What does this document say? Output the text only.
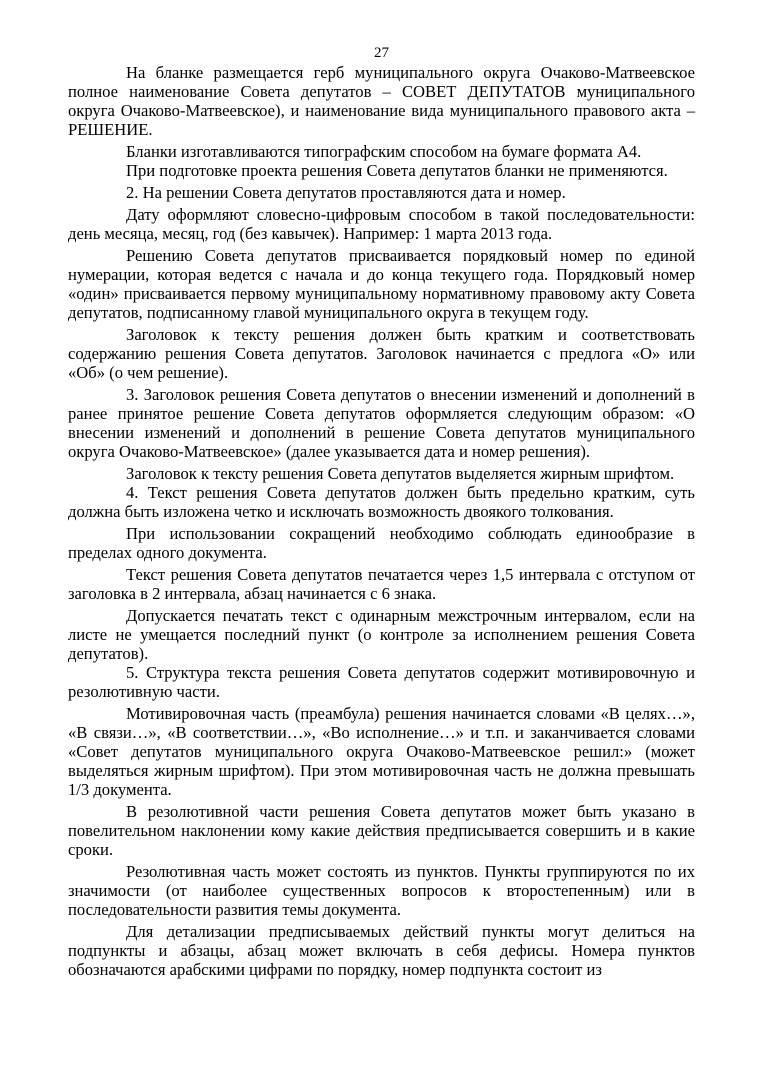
27

На бланке размещается герб муниципального округа Очаково-Матвеевское полное наименование Совета депутатов – СОВЕТ ДЕПУТАТОВ муниципального округа Очаково-Матвеевское), и наименование вида муниципального правового акта – РЕШЕНИЕ.

Бланки изготавливаются типографским способом на бумаге формата А4.

При подготовке проекта решения Совета депутатов бланки не применяются.

2. На решении Совета депутатов проставляются дата и номер.

Дату оформляют словесно-цифровым способом в такой последовательности: день месяца, месяц, год (без кавычек). Например: 1 марта 2013 года.

Решению Совета депутатов присваивается порядковый номер по единой нумерации, которая ведется с начала и до конца текущего года. Порядковый номер «один» присваивается первому муниципальному нормативному правовому акту Совета депутатов, подписанному главой муниципального округа в текущем году.

Заголовок к тексту решения должен быть кратким и соответствовать содержанию решения Совета депутатов. Заголовок начинается с предлога «О» или «Об» (о чем решение).

3. Заголовок решения Совета депутатов о внесении изменений и дополнений в ранее принятое решение Совета депутатов оформляется следующим образом: «О внесении изменений и дополнений в решение Совета депутатов муниципального округа Очаково-Матвеевское» (далее указывается дата и номер решения).

Заголовок к тексту решения Совета депутатов выделяется жирным шрифтом.

4. Текст решения Совета депутатов должен быть предельно кратким, суть должна быть изложена четко и исключать возможность двоякого толкования.

При использовании сокращений необходимо соблюдать единообразие в пределах одного документа.

Текст решения Совета депутатов печатается через 1,5 интервала с отступом от заголовка в 2 интервала, абзац начинается с 6 знака.

Допускается печатать текст с одинарным межстрочным интервалом, если на листе не умещается последний пункт (о контроле за исполнением решения Совета депутатов).

5. Структура текста решения Совета депутатов содержит мотивировочную и резолютивную части.

Мотивировочная часть (преамбула) решения начинается словами «В целях…», «В связи…», «В соответствии…», «Во исполнение…» и т.п. и заканчивается словами «Совет депутатов муниципального округа Очаково-Матвеевское решил:» (может выделяться жирным шрифтом). При этом мотивировочная часть не должна превышать 1/3 документа.

В резолютивной части решения Совета депутатов может быть указано в повелительном наклонении кому какие действия предписывается совершить и в какие сроки.

Резолютивная часть может состоять из пунктов. Пункты группируются по их значимости (от наиболее существенных вопросов к второстепенным) или в последовательности развития темы документа.

Для детализации предписываемых действий пункты могут делиться на подпункты и абзацы, абзац может включать в себя дефисы. Номера пунктов обозначаются арабскими цифрами по порядку, номер подпункта состоит из
